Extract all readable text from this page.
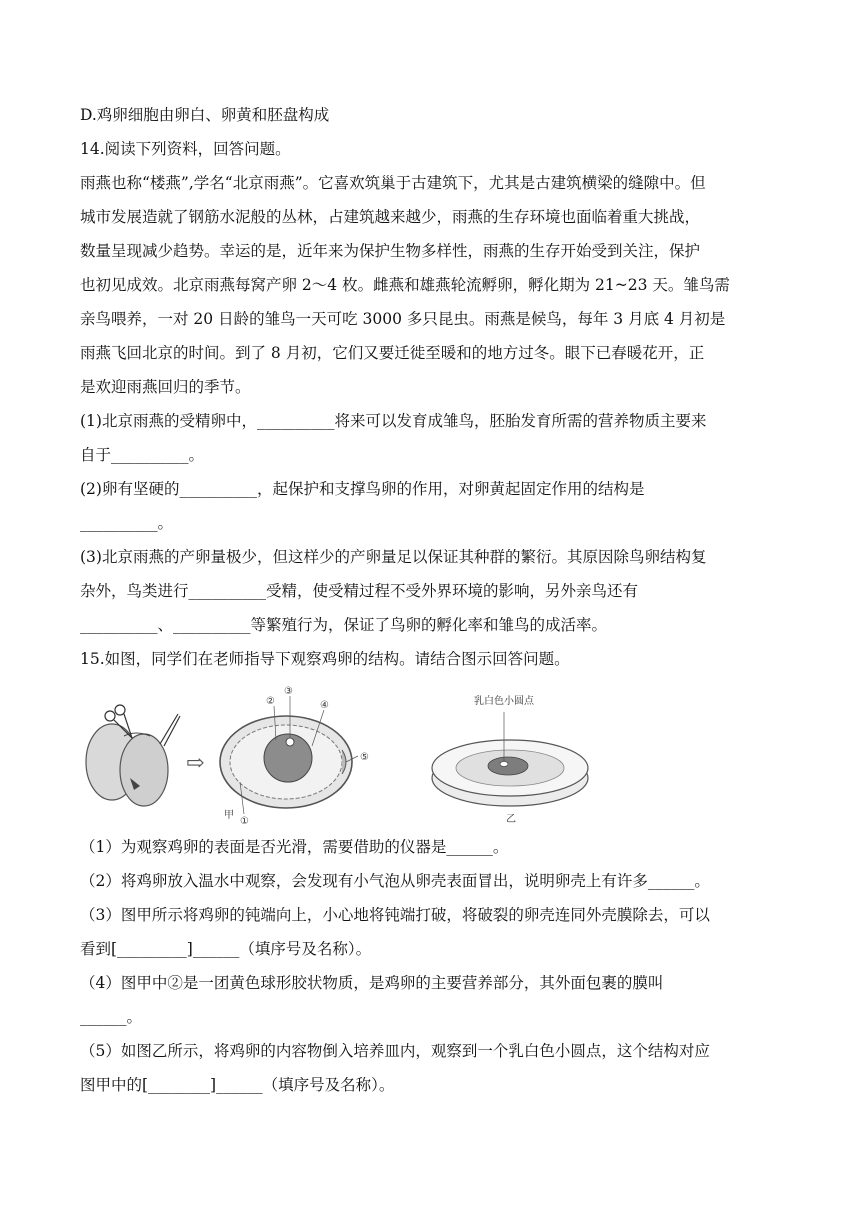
D.鸡卵细胞由卵白、卵黄和胚盘构成
14.阅读下列资料，回答问题。
雨燕也称“楼燕”,学名“北京雨燕”。它喜欢筑巢于古建筑下，尤其是古建筑横梁的缝隙中。但
城市发展造就了钢筋水泥般的丛林，占建筑越来越少，雨燕的生存环境也面临着重大挑战，
数量呈现减少趋势。幸运的是，近年来为保护生物多样性，雨燕的生存开始受到关注，保护
也初见成效。北京雨燕每窝产卵 2～4 枚。雌燕和雄燕轮流孵卵，孵化期为 21~23 天。雏鸟需
亲鸟喂养，一对 20 日龄的雏鸟一天可吃 3000 多只昆虫。雨燕是候鸟，每年 3 月底 4 月初是
雨燕飞回北京的时间。到了 8 月初，它们又要迁徙至暖和的地方过冬。眼下已春暖花开，正
是欢迎雨燕回归的季节。
(1)北京雨燕的受精卵中，__________将来可以发育成雏鸟，胚胎发育所需的营养物质主要来
自于__________。
(2)卵有坚硬的__________，起保护和支撑鸟卵的作用，对卵黄起固定作用的结构是
__________。
(3)北京雨燕的产卵量极少，但这样少的产卵量足以保证其种群的繁衍。其原因除鸟卵结构复
杂外，鸟类进行__________受精，使受精过程不受外界环境的影响，另外亲鸟还有
__________、__________等繁殖行为，保证了鸟卵的孵化率和雏鸟的成活率。
15.如图，同学们在老师指导下观察鸡卵的结构。请结合图示回答问题。
⇨
③
②	④
⑤
①
甲
乳白色小圆点
乙
（1）为观察鸡卵的表面是否光滑，需要借助的仪器是______。
（2）将鸡卵放入温水中观察，会发现有小气泡从卵壳表面冒出，说明卵壳上有许多______。
（3）图甲所示将鸡卵的钝端向上，小心地将钝端打破，将破裂的卵壳连同外壳膜除去，可以
看到[_________]______（填序号及名称）。
（4）图甲中②是一团黄色球形胶状物质，是鸡卵的主要营养部分，其外面包裹的膜叫
______。
（5）如图乙所示，将鸡卵的内容物倒入培养皿内，观察到一个乳白色小圆点，这个结构对应
图甲中的[________]______（填序号及名称）。
